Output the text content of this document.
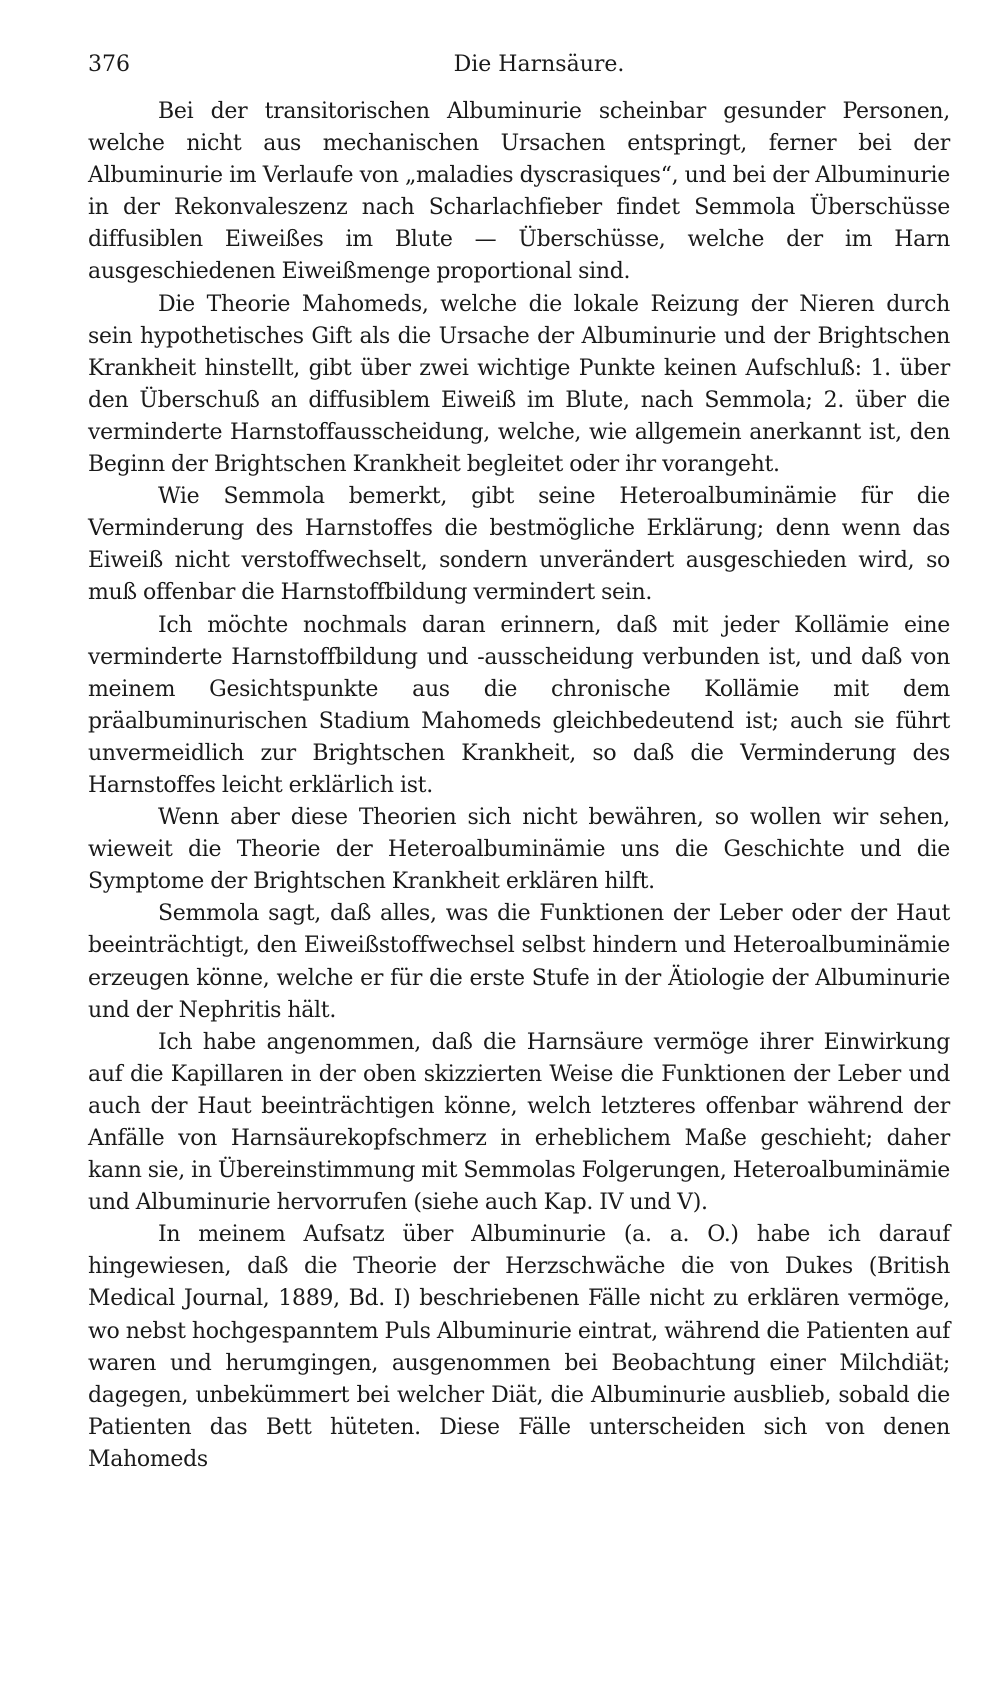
376	Die Harnsäure.

Bei der transitorischen Albuminurie scheinbar gesunder Personen, welche nicht aus mechanischen Ursachen entspringt, ferner bei der Albuminurie im Verlaufe von „maladies dyscrasiques“, und bei der Albuminurie in der Rekonvaleszenz nach Scharlachfieber findet Semmola Überschüsse diffusiblen Eiweißes im Blute — Überschüsse, welche der im Harn ausgeschiedenen Eiweißmenge proportional sind.

Die Theorie Mahomeds, welche die lokale Reizung der Nieren durch sein hypothetisches Gift als die Ursache der Albuminurie und der Brightschen Krankheit hinstellt, gibt über zwei wichtige Punkte keinen Aufschluß: 1. über den Überschuß an diffusiblem Eiweiß im Blute, nach Semmola; 2. über die verminderte Harnstoffausscheidung, welche, wie allgemein anerkannt ist, den Beginn der Brightschen Krankheit begleitet oder ihr vorangeht.

Wie Semmola bemerkt, gibt seine Heteroalbuminämie für die Verminderung des Harnstoffes die bestmögliche Erklärung; denn wenn das Eiweiß nicht verstoffwechselt, sondern unverändert ausgeschieden wird, so muß offenbar die Harnstoffbildung vermindert sein.

Ich möchte nochmals daran erinnern, daß mit jeder Kollämie eine verminderte Harnstoffbildung und -ausscheidung verbunden ist, und daß von meinem Gesichtspunkte aus die chronische Kollämie mit dem präalbuminurischen Stadium Mahomeds gleichbedeutend ist; auch sie führt unvermeidlich zur Brightschen Krankheit, so daß die Verminderung des Harnstoffes leicht erklärlich ist.

Wenn aber diese Theorien sich nicht bewähren, so wollen wir sehen, wieweit die Theorie der Heteroalbuminämie uns die Geschichte und die Symptome der Brightschen Krankheit erklären hilft.

Semmola sagt, daß alles, was die Funktionen der Leber oder der Haut beeinträchtigt, den Eiweißstoffwechsel selbst hindern und Heteroalbuminämie erzeugen könne, welche er für die erste Stufe in der Ätiologie der Albuminurie und der Nephritis hält.

Ich habe angenommen, daß die Harnsäure vermöge ihrer Einwirkung auf die Kapillaren in der oben skizzierten Weise die Funktionen der Leber und auch der Haut beeinträchtigen könne, welch letzteres offenbar während der Anfälle von Harnsäurekopfschmerz in erheblichem Maße geschieht; daher kann sie, in Übereinstimmung mit Semmolas Folgerungen, Heteroalbuminämie und Albuminurie hervorrufen (siehe auch Kap. IV und V).

In meinem Aufsatz über Albuminurie (a. a. O.) habe ich darauf hingewiesen, daß die Theorie der Herzschwäche die von Dukes (British Medical Journal, 1889, Bd. I) beschriebenen Fälle nicht zu erklären vermöge, wo nebst hochgespanntem Puls Albuminurie eintrat, während die Patienten auf waren und herumgingen, ausgenommen bei Beobachtung einer Milchdiät; dagegen, unbekümmert bei welcher Diät, die Albuminurie ausblieb, sobald die Patienten das Bett hüteten. Diese Fälle unterscheiden sich von denen Mahomeds
